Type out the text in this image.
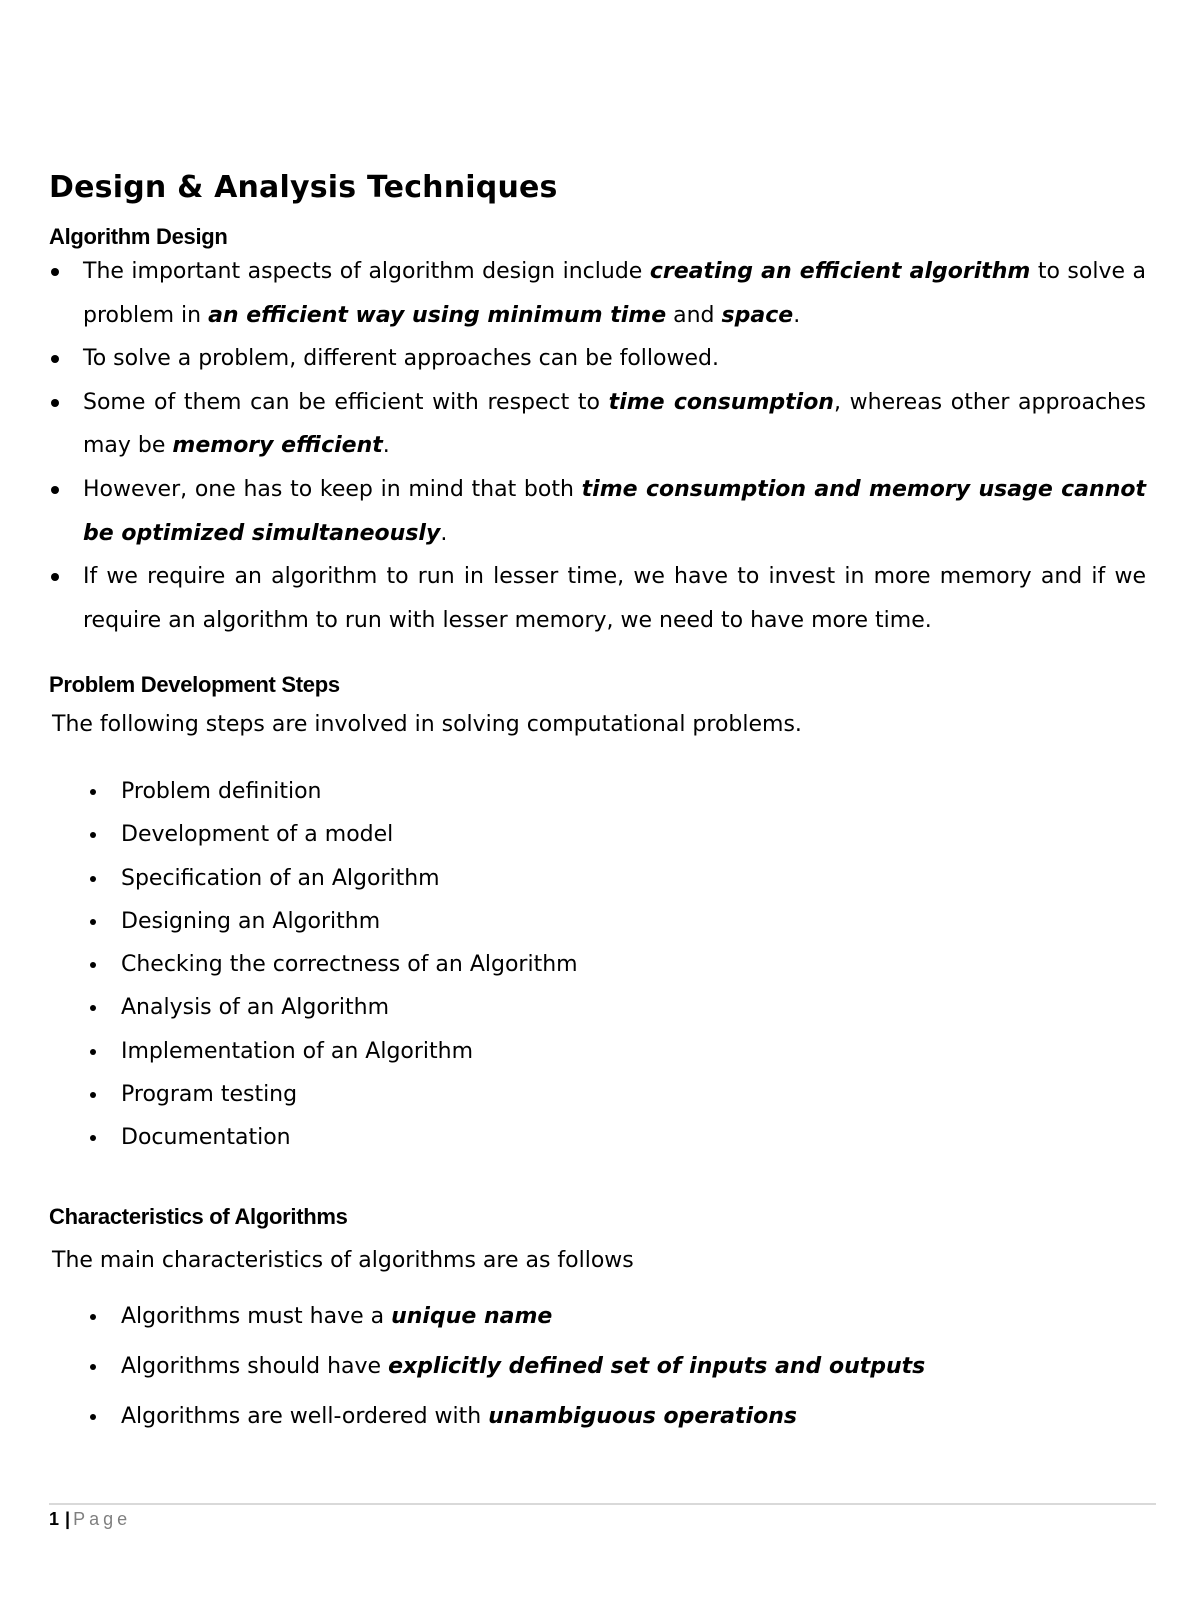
Design & Analysis Techniques
Algorithm Design
The important aspects of algorithm design include creating an efficient algorithm to solve a problem in an efficient way using minimum time and space.
To solve a problem, different approaches can be followed.
Some of them can be efficient with respect to time consumption, whereas other approaches may be memory efficient.
However, one has to keep in mind that both time consumption and memory usage cannot be optimized simultaneously.
If we require an algorithm to run in lesser time, we have to invest in more memory and if we require an algorithm to run with lesser memory, we need to have more time.
Problem Development Steps

The following steps are involved in solving computational problems.

Problem definition
Development of a model
Specification of an Algorithm
Designing an Algorithm
Checking the correctness of an Algorithm
Analysis of an Algorithm
Implementation of an Algorithm
Program testing
Documentation
Characteristics of Algorithms

The main characteristics of algorithms are as follows

Algorithms must have a unique name
Algorithms should have explicitly defined set of inputs and outputs
Algorithms are well-ordered with unambiguous operations
1 | Page
